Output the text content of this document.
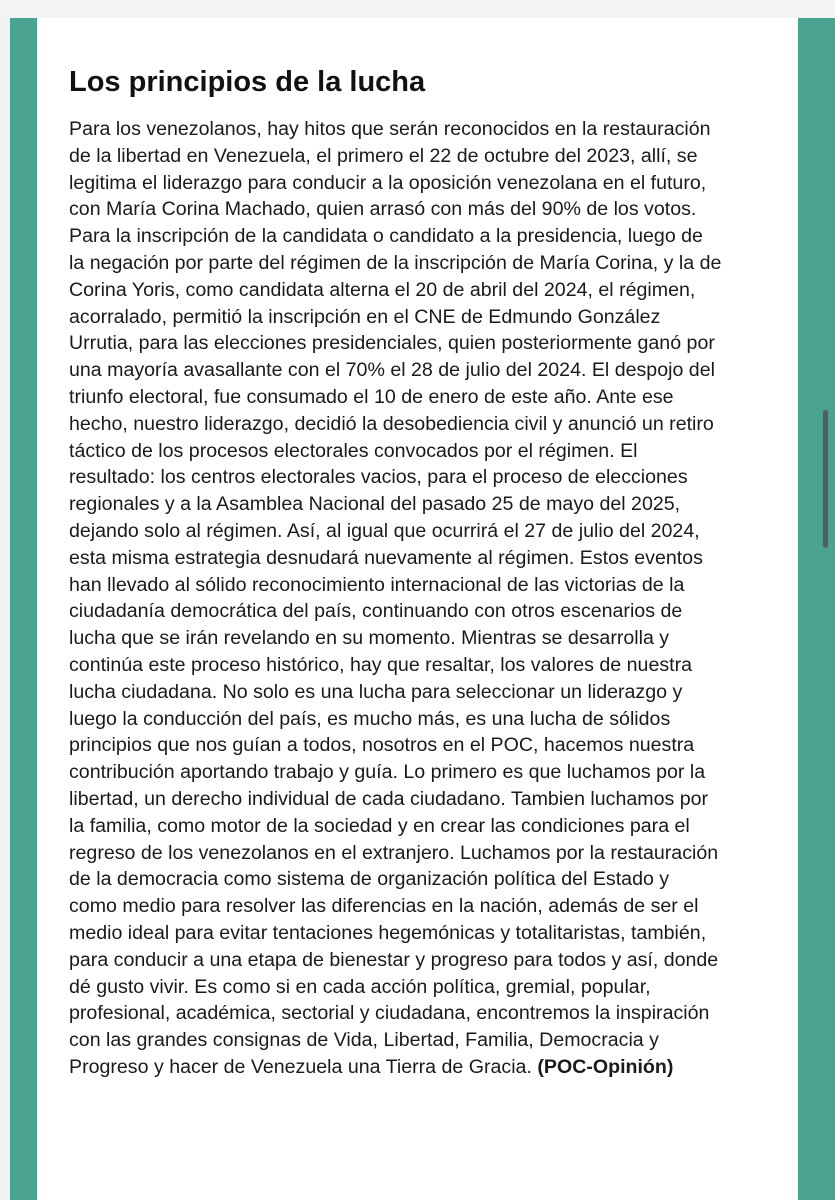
Los principios de la lucha

Para los venezolanos, hay hitos que serán reconocidos en la restauración
de la libertad en Venezuela, el primero el 22 de octubre del 2023, allí, se
legitima el liderazgo para conducir a la oposición venezolana en el futuro,
con María Corina Machado, quien arrasó con más del 90% de los votos.
Para la inscripción de la candidata o candidato a la presidencia, luego de
la negación por parte del régimen de la inscripción de María Corina, y la de
Corina Yoris, como candidata alterna el 20 de abril del 2024, el régimen,
acorralado, permitió la inscripción en el CNE de Edmundo González
Urrutia, para las elecciones presidenciales, quien posteriormente ganó por
una mayoría avasallante con el 70% el 28 de julio del 2024. El despojo del
triunfo electoral, fue consumado el 10 de enero de este año. Ante ese
hecho, nuestro liderazgo, decidió la desobediencia civil y anunció un retiro
táctico de los procesos electorales convocados por el régimen. El
resultado: los centros electorales vacios, para el proceso de elecciones
regionales y a la Asamblea Nacional del pasado 25 de mayo del 2025,
dejando solo al régimen. Así, al igual que ocurrirá el 27 de julio del 2024,
esta misma estrategia desnudará nuevamente al régimen. Estos eventos
han llevado al sólido reconocimiento internacional de las victorias de la
ciudadanía democrática del país, continuando con otros escenarios de
lucha que se irán revelando en su momento. Mientras se desarrolla y
continúa este proceso histórico, hay que resaltar, los valores de nuestra
lucha ciudadana. No solo es una lucha para seleccionar un liderazgo y
luego la conducción del país, es mucho más, es una lucha de sólidos
principios que nos guían a todos, nosotros en el POC, hacemos nuestra
contribución aportando trabajo y guía. Lo primero es que luchamos por la
libertad, un derecho individual de cada ciudadano. Tambien luchamos por
la familia, como motor de la sociedad y en crear las condiciones para el
regreso de los venezolanos en el extranjero. Luchamos por la restauración
de la democracia como sistema de organización política del Estado y
como medio para resolver las diferencias en la nación, además de ser el
medio ideal para evitar tentaciones hegemónicas y totalitaristas, también,
para conducir a una etapa de bienestar y progreso para todos y así, donde
dé gusto vivir. Es como si en cada acción política, gremial, popular,
profesional, académica, sectorial y ciudadana, encontremos la inspiración
con las grandes consignas de Vida, Libertad, Familia, Democracia y
Progreso y hacer de Venezuela una Tierra de Gracia. (POC-Opinión)
